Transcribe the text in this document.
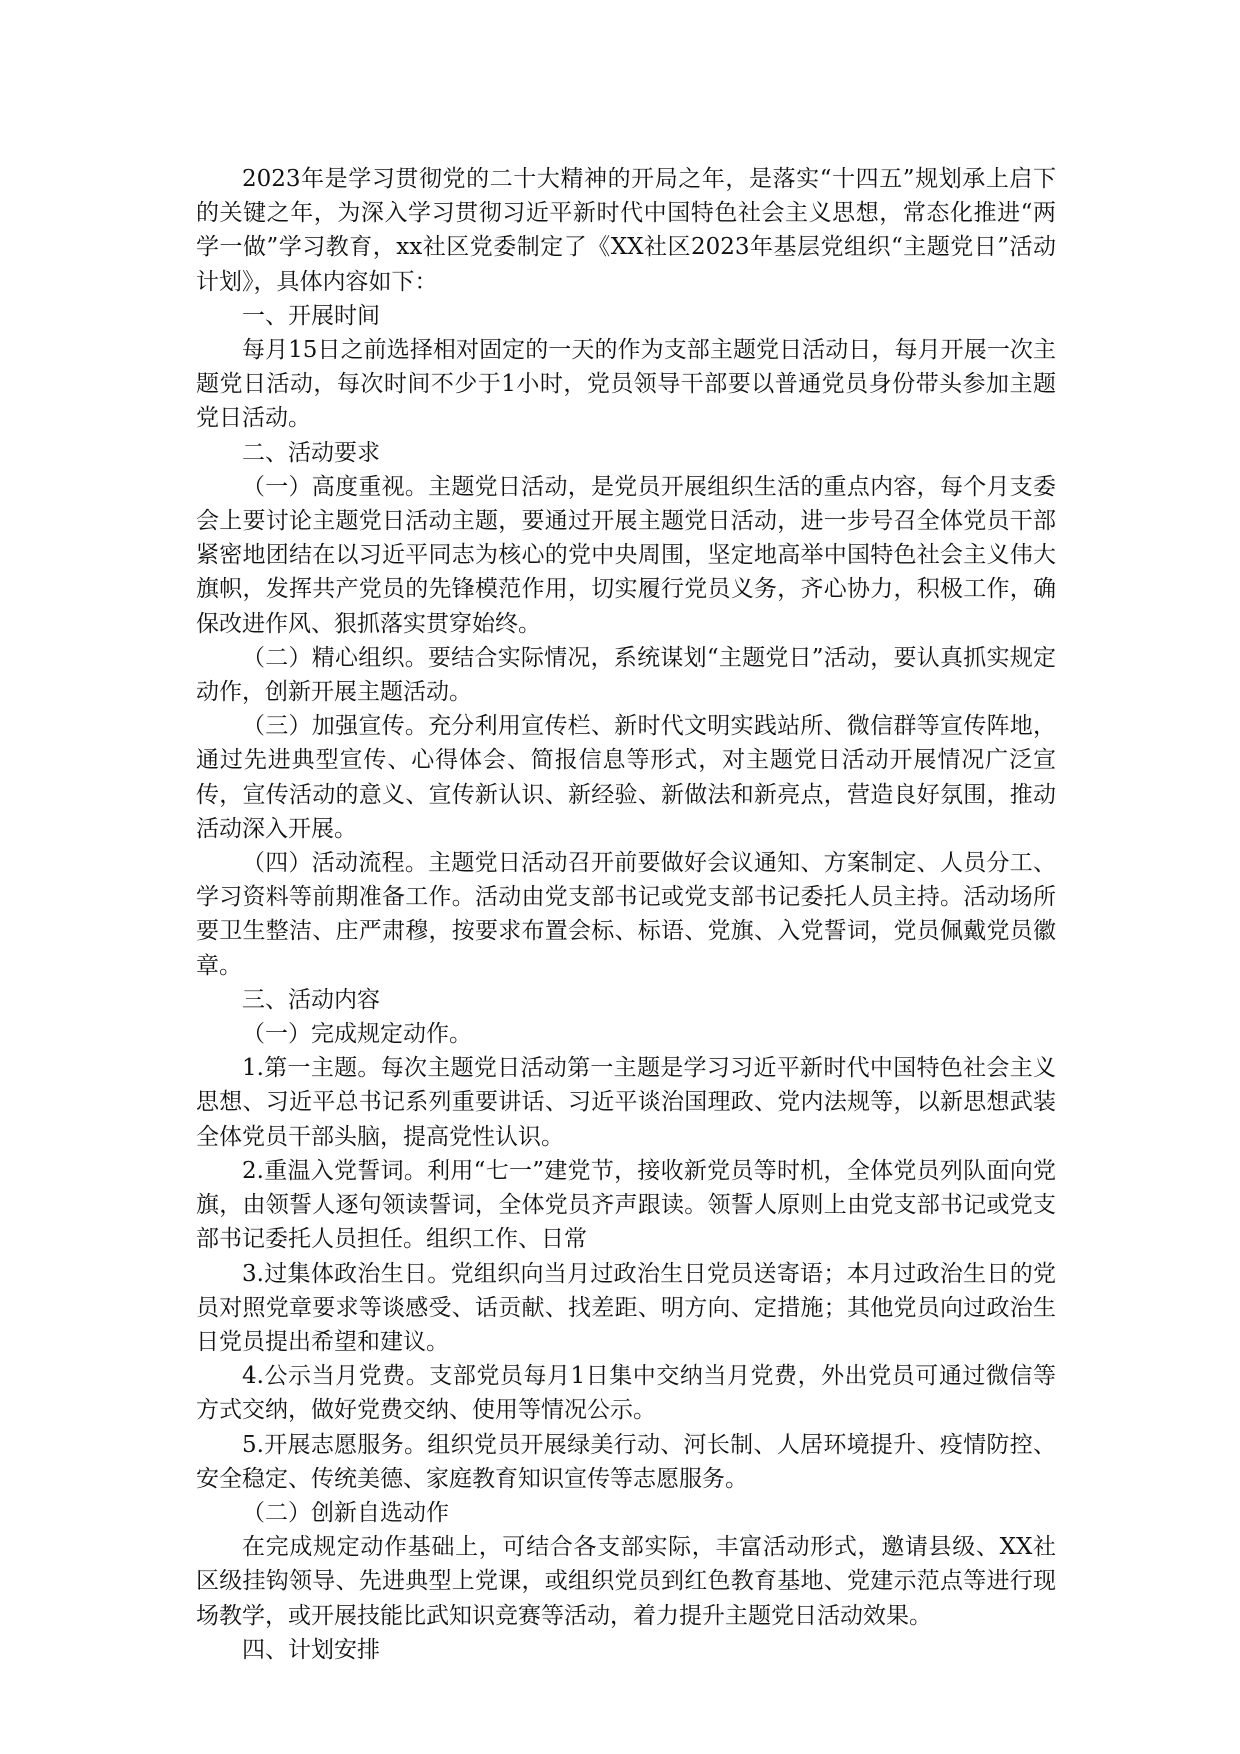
2023年是学习贯彻党的二十大精神的开局之年，是落实“十四五”规划承上启下的关键之年，为深入学习贯彻习近平新时代中国特色社会主义思想，常态化推进“两学一做”学习教育，xx社区党委制定了《XX社区2023年基层党组织“主题党日”活动计划》，具体内容如下：

一、开展时间

每月15日之前选择相对固定的一天的作为支部主题党日活动日，每月开展一次主题党日活动，每次时间不少于1小时，党员领导干部要以普通党员身份带头参加主题党日活动。

二、活动要求

（一）高度重视。主题党日活动，是党员开展组织生活的重点内容，每个月支委会上要讨论主题党日活动主题，要通过开展主题党日活动，进一步号召全体党员干部紧密地团结在以习近平同志为核心的党中央周围，坚定地高举中国特色社会主义伟大旗帜，发挥共产党员的先锋模范作用，切实履行党员义务，齐心协力，积极工作，确保改进作风、狠抓落实贯穿始终。

（二）精心组织。要结合实际情况，系统谋划“主题党日”活动，要认真抓实规定动作，创新开展主题活动。

（三）加强宣传。充分利用宣传栏、新时代文明实践站所、微信群等宣传阵地，通过先进典型宣传、心得体会、简报信息等形式，对主题党日活动开展情况广泛宣传，宣传活动的意义、宣传新认识、新经验、新做法和新亮点，营造良好氛围，推动活动深入开展。

（四）活动流程。主题党日活动召开前要做好会议通知、方案制定、人员分工、学习资料等前期准备工作。活动由党支部书记或党支部书记委托人员主持。活动场所要卫生整洁、庄严肃穆，按要求布置会标、标语、党旗、入党誓词，党员佩戴党员徽章。

三、活动内容

（一）完成规定动作。

1.第一主题。每次主题党日活动第一主题是学习习近平新时代中国特色社会主义思想、习近平总书记系列重要讲话、习近平谈治国理政、党内法规等，以新思想武装全体党员干部头脑，提高党性认识。

2.重温入党誓词。利用“七一”建党节，接收新党员等时机，全体党员列队面向党旗，由领誓人逐句领读誓词，全体党员齐声跟读。领誓人原则上由党支部书记或党支部书记委托人员担任。组织工作、日常

3.过集体政治生日。党组织向当月过政治生日党员送寄语；本月过政治生日的党员对照党章要求等谈感受、话贡献、找差距、明方向、定措施；其他党员向过政治生日党员提出希望和建议。

4.公示当月党费。支部党员每月1日集中交纳当月党费，外出党员可通过微信等方式交纳，做好党费交纳、使用等情况公示。

5.开展志愿服务。组织党员开展绿美行动、河长制、人居环境提升、疫情防控、安全稳定、传统美德、家庭教育知识宣传等志愿服务。

（二）创新自选动作

在完成规定动作基础上，可结合各支部实际，丰富活动形式，邀请县级、XX社区级挂钩领导、先进典型上党课，或组织党员到红色教育基地、党建示范点等进行现场教学，或开展技能比武知识竞赛等活动，着力提升主题党日活动效果。

四、计划安排
